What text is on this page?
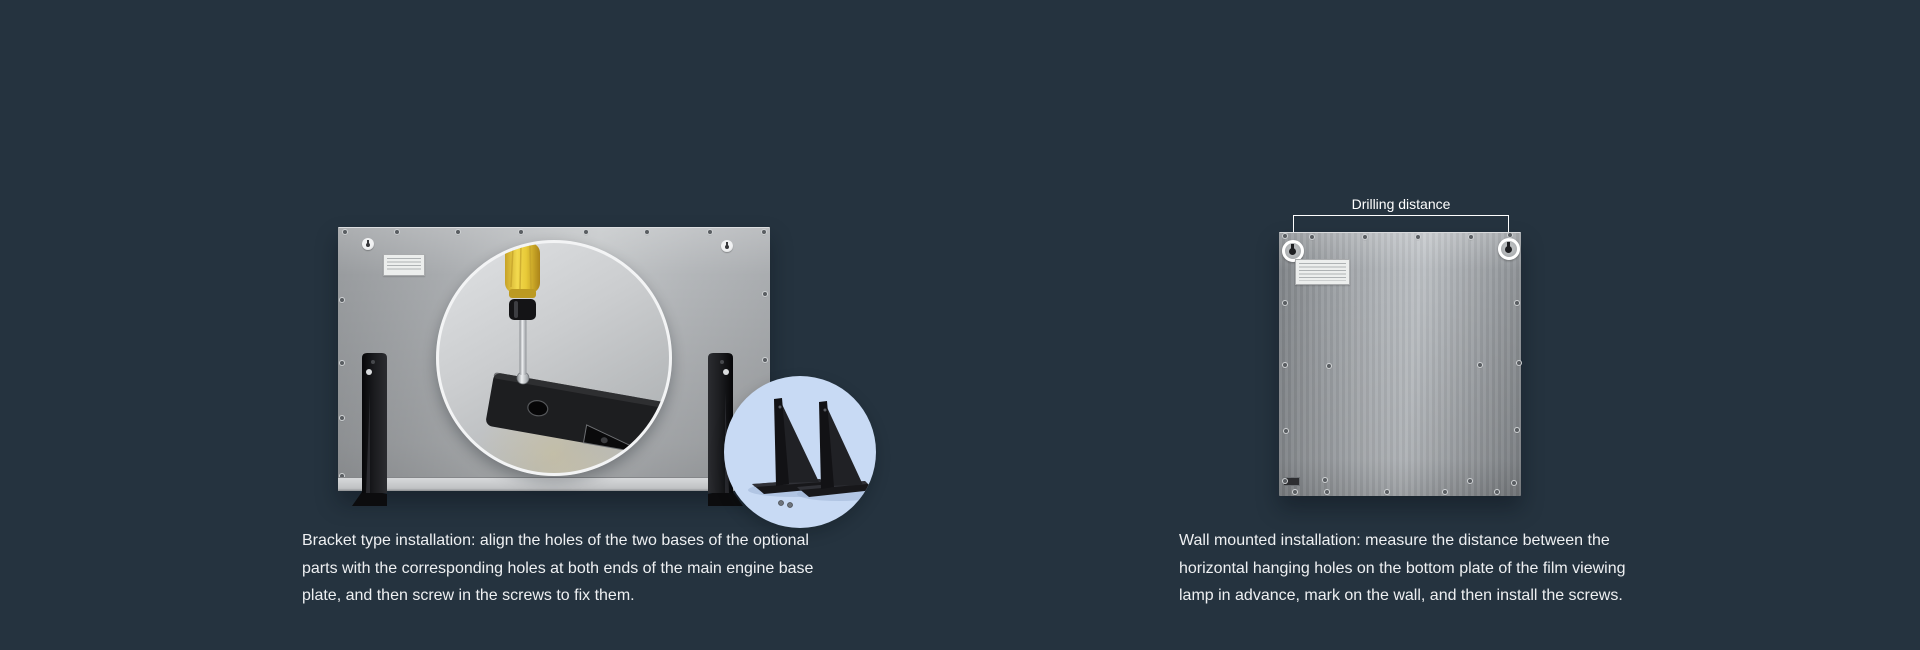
Bracket type installation: align the holes of the two bases of the optional
parts with the corresponding holes at both ends of the main engine base
plate, and then screw in the screws to fix them.
Drilling distance
Wall mounted installation: measure the distance between the
horizontal hanging holes on the bottom plate of the film viewing
lamp in advance, mark on the wall, and then install the screws.
